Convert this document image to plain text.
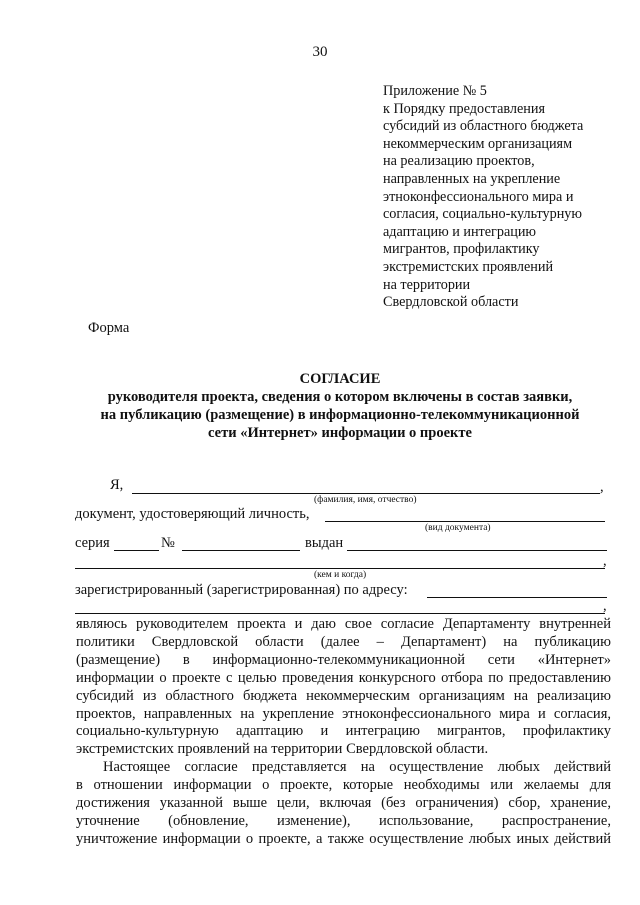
30
Приложение № 5
к Порядку предоставления
субсидий из областного бюджета
некоммерческим организациям
на реализацию проектов,
направленных на укрепление
этноконфессионального мира и
согласия, социально-культурную
адаптацию и интеграцию
мигрантов, профилактику
экстремистских проявлений
на территории
Свердловской области
Форма
СОГЛАСИЕ
руководителя проекта, сведения о котором включены в состав заявки,
на публикацию (размещение) в информационно-телекоммуникационной
сети «Интернет» информации о проекте
Я,	,
(фамилия, имя, отчество)
документ, удостоверяющий личность,
(вид документа)
серия	№	выдан
,
(кем и когда)
зарегистрированный (зарегистрированная) по адресу:
,
являюсь руководителем проекта и даю свое согласие Департаменту внутренней
политики Свердловской области (далее – Департамент) на публикацию
(размещение) в информационно-телекоммуникационной сети «Интернет»
информации о проекте с целью проведения конкурсного отбора по предоставлению
субсидий из областного бюджета некоммерческим организациям на реализацию
проектов, направленных на укрепление этноконфессионального мира и согласия,
социально-культурную адаптацию и интеграцию мигрантов, профилактику
экстремистских проявлений на территории Свердловской области.
Настоящее согласие представляется на осуществление любых действий
в отношении информации о проекте, которые необходимы или желаемы для
достижения указанной выше цели, включая (без ограничения) сбор, хранение,
уточнение (обновление, изменение), использование, распространение,
уничтожение информации о проекте, а также осуществление любых иных действий
